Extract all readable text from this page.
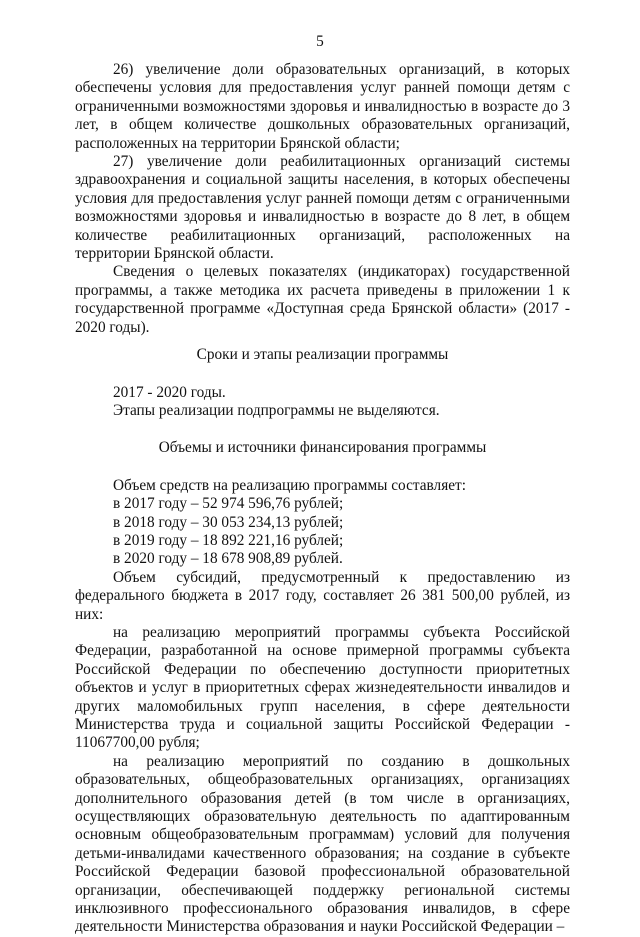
5

26) увеличение доли образовательных организаций, в которых обеспечены условия для предоставления услуг ранней помощи детям с ограниченными возможностями здоровья и инвалидностью в возрасте до 3 лет, в общем количестве дошкольных образовательных организаций, расположенных на территории Брянской области;

27) увеличение доли реабилитационных организаций системы здравоохранения и социальной защиты населения, в которых обеспечены условия для предоставления услуг ранней помощи детям с ограниченными возможностями здоровья и инвалидностью в возрасте до 8 лет, в общем количестве реабилитационных организаций, расположенных на территории Брянской области.

Сведения о целевых показателях (индикаторах) государственной программы, а также методика их расчета приведены в приложении 1 к государственной программе «Доступная среда Брянской области» (2017 - 2020 годы).

Сроки и этапы реализации программы

2017 - 2020 годы.

Этапы реализации подпрограммы не выделяются.

Объемы и источники финансирования программы

Объем средств на реализацию программы составляет:

в 2017 году – 52 974 596,76 рублей;

в 2018 году – 30 053 234,13 рублей;

в 2019 году – 18 892 221,16 рублей;

в 2020 году – 18 678 908,89 рублей.

Объем субсидий, предусмотренный к предоставлению из федерального бюджета в 2017 году, составляет 26 381 500,00 рублей, из них:

на реализацию мероприятий программы субъекта Российской Федерации, разработанной на основе примерной программы субъекта Российской Федерации по обеспечению доступности приоритетных объектов и услуг в приоритетных сферах жизнедеятельности инвалидов и других маломобильных групп населения, в сфере деятельности Министерства труда и социальной защиты Российской Федерации - 11067700,00 рубля;

на реализацию мероприятий по созданию в дошкольных образовательных, общеобразовательных организациях, организациях дополнительного образования детей (в том числе в организациях, осуществляющих образовательную деятельность по адаптированным основным общеобразовательным программам) условий для получения детьми-инвалидами качественного образования; на создание в субъекте Российской Федерации базовой профессиональной образовательной организации, обеспечивающей поддержку региональной системы инклюзивного профессионального образования инвалидов, в сфере деятельности Министерства образования и науки Российской Федерации –
